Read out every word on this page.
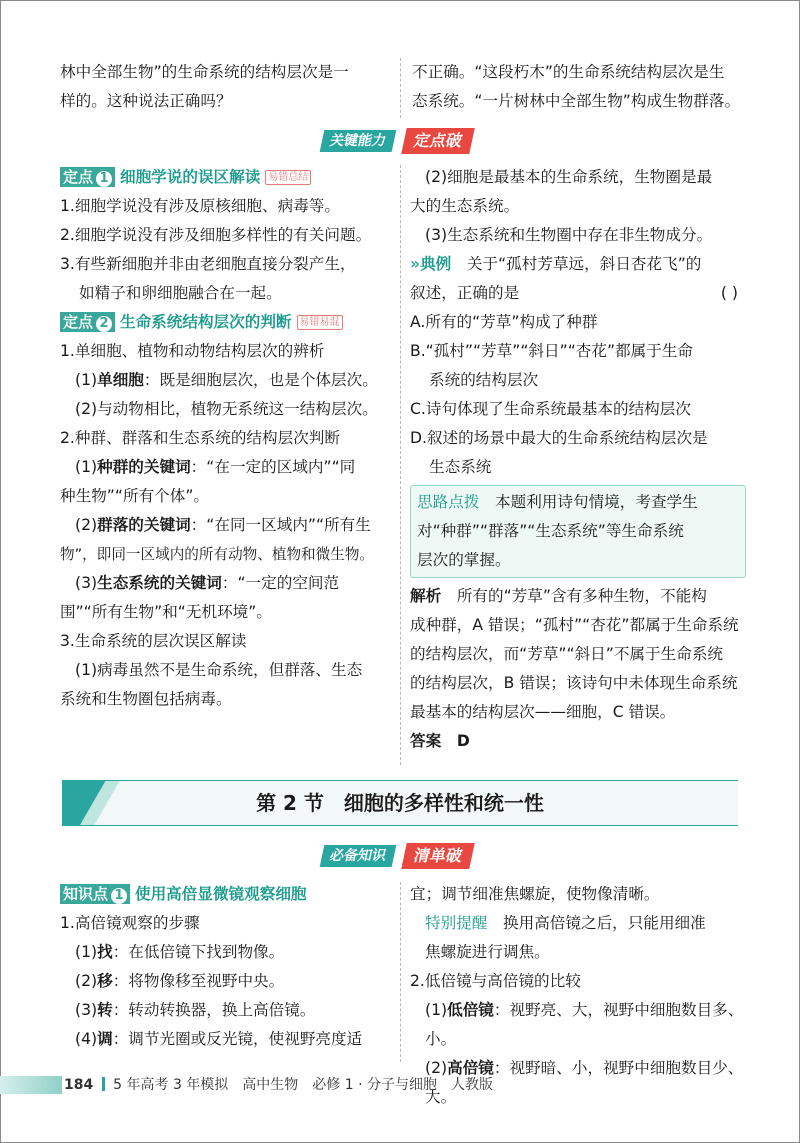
林中全部生物”的生命系统的结构层次是一

样的。这种说法正确吗？

不正确。“这段朽木”的生命系统结构层次是生

态系统。“一片树林中全部生物”构成生物群落。

关键能力	定点破

定点 1 细胞学说的误区解读 易错总结

1.细胞学说没有涉及原核细胞、病毒等。

2.细胞学说没有涉及细胞多样性的有关问题。

3.有些新细胞并非由老细胞直接分裂产生，

如精子和卵细胞融合在一起。

定点 2 生命系统结构层次的判断 易错易混

1.单细胞、植物和动物结构层次的辨析

(1)单细胞：既是细胞层次，也是个体层次。

(2)与动物相比，植物无系统这一结构层次。

2.种群、群落和生态系统的结构层次判断

(1)种群的关键词：“在一定的区域内”“同

种生物”“所有个体”。

(2)群落的关键词：“在同一区域内”“所有生

物”，即同一区域内的所有动物、植物和微生物。

(3)生态系统的关键词：“一定的空间范

围”“所有生物”和“无机环境”。

3.生命系统的层次误区解读

(1)病毒虽然不是生命系统，但群落、生态

系统和生物圈包括病毒。

(2)细胞是最基本的生命系统，生物圈是最

大的生态系统。

(3)生态系统和生物圈中存在非生物成分。

»典例　 关于“孤村芳草远，斜日杏花飞”的

叙述，正确的是	( )

A.所有的“芳草”构成了种群

B.“孤村”“芳草”“斜日”“杏花”都属于生命

系统的结构层次

C.诗句体现了生命系统最基本的结构层次

D.叙述的场景中最大的生命系统结构层次是

生态系统

思路点拨　 本题利用诗句情境，考查学生

对“种群”“群落”“生态系统”等生命系统

层次的掌握。

解析　 所有的“芳草”含有多种生物，不能构

成种群，A 错误；“孤村”“杏花”都属于生命系统

的结构层次，而“芳草”“斜日”不属于生命系统

的结构层次，B 错误；该诗句中未体现生命系统

最基本的结构层次——细胞，C 错误。

答案　 D

第 2 节　细胞的多样性和统一性
必备知识	清单破

知识点 1 使用高倍显微镜观察细胞

1.高倍镜观察的步骤

(1)找：在低倍镜下找到物像。

(2)移：将物像移至视野中央。

(3)转：转动转换器，换上高倍镜。

(4)调：调节光圈或反光镜，使视野亮度适

宜；调节细准焦螺旋，使物像清晰。

特别提醒　 换用高倍镜之后，只能用细准

焦螺旋进行调焦。

2.低倍镜与高倍镜的比较

(1)低倍镜：视野亮、大，视野中细胞数目多、小。

(2)高倍镜：视野暗、小，视野中细胞数目少、大。

184 5 年高考 3 年模拟　高中生物　必修 1 · 分子与细胞　人教版
